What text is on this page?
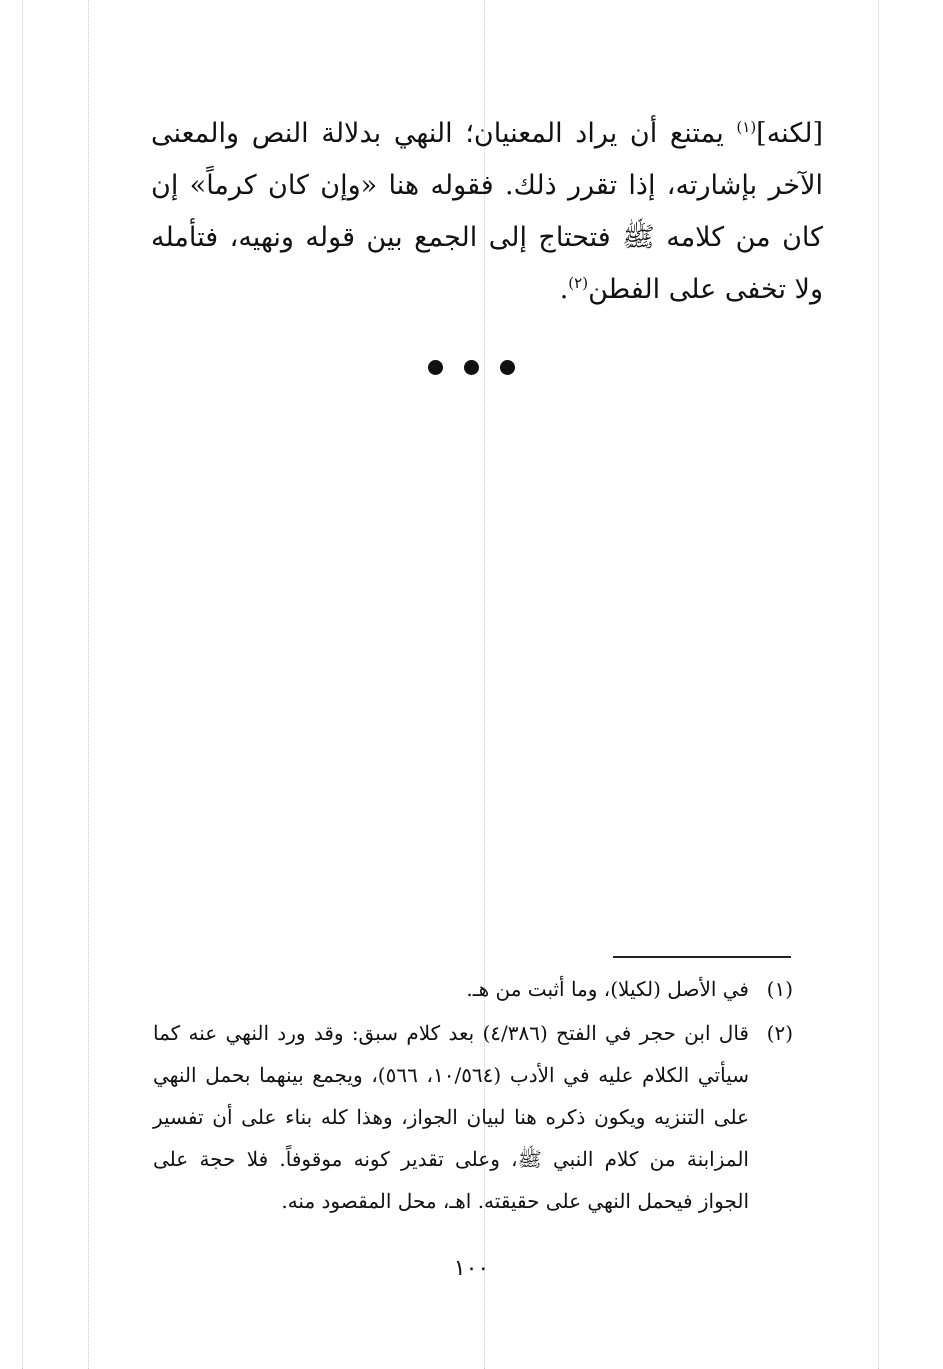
[لكنه]$^{(١)}$ يمتنع أن يراد المعنيان؛ النهي بدلالة النص والمعنى الآخر بإشارته، إذا تقرر ذلك. فقوله هنا «وإن كان كرماً» إن كان من كلامه ﷺ فتحتاج إلى الجمع بين قوله ونهيه، فتأمله ولا تخفى على الفطن$^{(٢)}$.

(١)
في الأصل (لكيلا)، وما أثبت من هـ.
(٢)
قال ابن حجر في الفتح (٤/٣٨٦) بعد كلام سبق: وقد ورد النهي عنه كما سيأتي الكلام عليه في الأدب (١٠/٥٦٤، ٥٦٦)، ويجمع بينهما بحمل النهي على التنزيه ويكون ذكره هنا لبيان الجواز، وهذا كله بناء على أن تفسير المزابنة من كلام النبي ﷺ، وعلى تقدير كونه موقوفاً. فلا حجة على الجواز فيحمل النهي على حقيقته. اهـ، محل المقصود منه.
١٠٠
